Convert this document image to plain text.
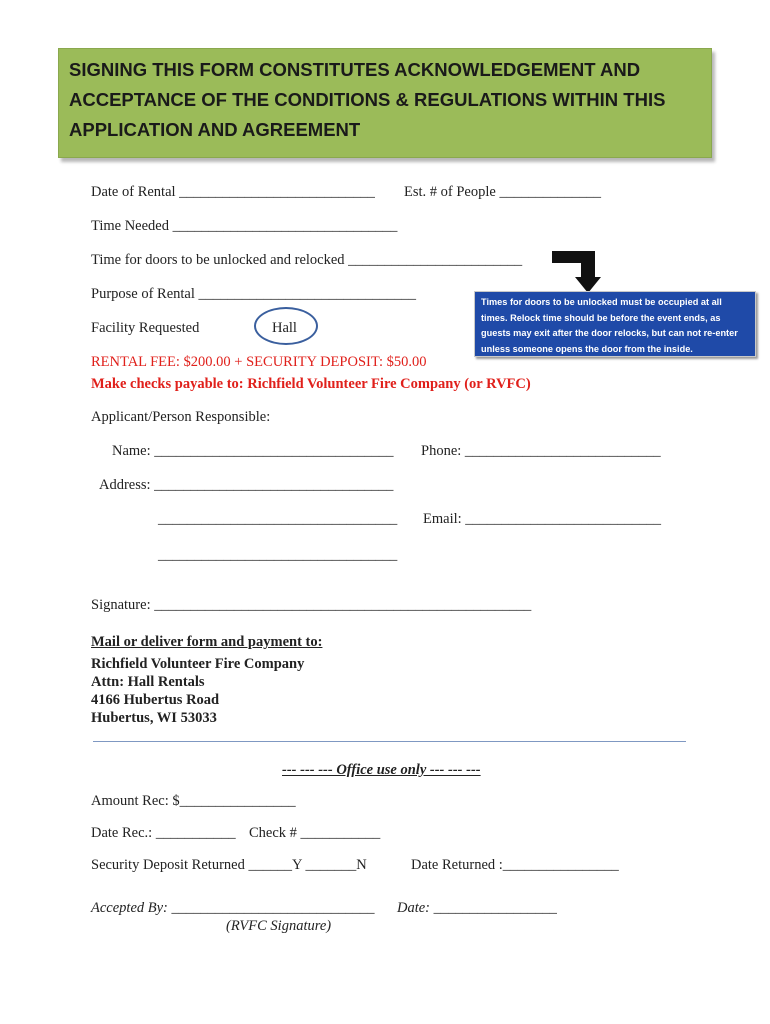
SIGNING THIS FORM CONSTITUTES ACKNOWLEDGEMENT AND ACCEPTANCE OF THE CONDITIONS & REGULATIONS WITHIN THIS APPLICATION AND AGREEMENT
Date of Rental ___________________________ Est. # of People ______________
Time Needed _______________________________
Time for doors to be unlocked and relocked ________________________
Purpose of Rental ______________________________
Facility Requested	Hall
Times for doors to be unlocked must be occupied at all times. Relock time should be before the event ends, as guests may exit after the door relocks, but can not re-enter unless someone opens the door from the inside.
RENTAL FEE: $200.00 + SECURITY DEPOSIT: $50.00
Make checks payable to: Richfield Volunteer Fire Company (or RVFC)
Applicant/Person Responsible:
Name: _________________________________ Phone: ___________________________
Address: _________________________________
_________________________________ Email: ___________________________
_________________________________
Signature: ____________________________________________________
Mail or deliver form and payment to:
Richfield Volunteer Fire Company
Attn: Hall Rentals
4166 Hubertus Road
Hubertus, WI 53033
--- --- --- Office use only --- --- ---
Amount Rec: $________________
Date Rec.: ___________ Check # ___________
Security Deposit Returned ______Y _______N	Date Returned :________________
Accepted By: ____________________________ Date: _________________
(RVFC Signature)
